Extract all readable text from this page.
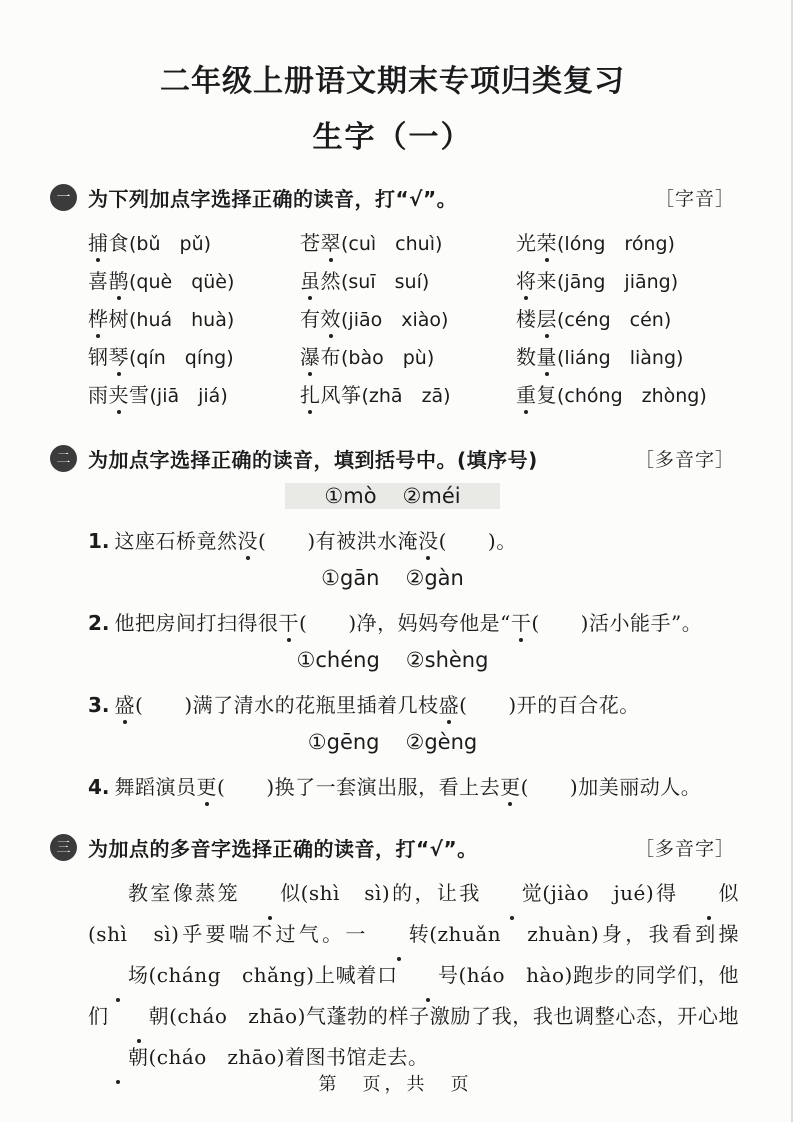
二年级上册语文期末专项归类复习
生字（一）
一 为下列加点字选择正确的读音，打“√”。	［字音］
捕食(bǔ　pǔ)	苍翠(cuì　chuì)	光荣(lóng　róng)
喜鹊(què　qüè)	虽然(suī　suí)	将来(jāng　jiāng)
桦树(huá　huà)	有效(jiāo　xiào)	楼层(céng　cén)
钢琴(qín　qíng)	瀑布(bào　pù)	数量(liáng　liàng)
雨夹雪(jiā　jiá)	扎风筝(zhā　zā)	重复(chóng　zhòng)
二 为加点字选择正确的读音，填到括号中。(填序号)	［多音字］
①mò ②méi
1. 这座石桥竟然没(　　)有被洪水淹没(　　)。
①gān ②gàn
2. 他把房间打扫得很干(　　)净，妈妈夸他是“干(　　)活小能手”。
①chéng ②shèng
3. 盛(　　)满了清水的花瓶里插着几枝盛(　　)开的百合花。
①gēng ②gèng
4. 舞蹈演员更(　　)换了一套演出服，看上去更(　　)加美丽动人。
三 为加点的多音字选择正确的读音，打“√”。	［多音字］
教室像蒸笼 似(shì　sì)的，让我 觉(jiào　jué)得 似(shì　sì)乎要喘不过气。一 转(zhuǎn　zhuàn)身，我看到操场(cháng　chǎng)上喊着口 号(háo　hào)跑步的同学们，他们 朝(cháo　zhāo)气蓬勃的样子激励了我，我也调整心态，开心地朝(cháo　zhāo)着图书馆走去。
第　页，共　页
